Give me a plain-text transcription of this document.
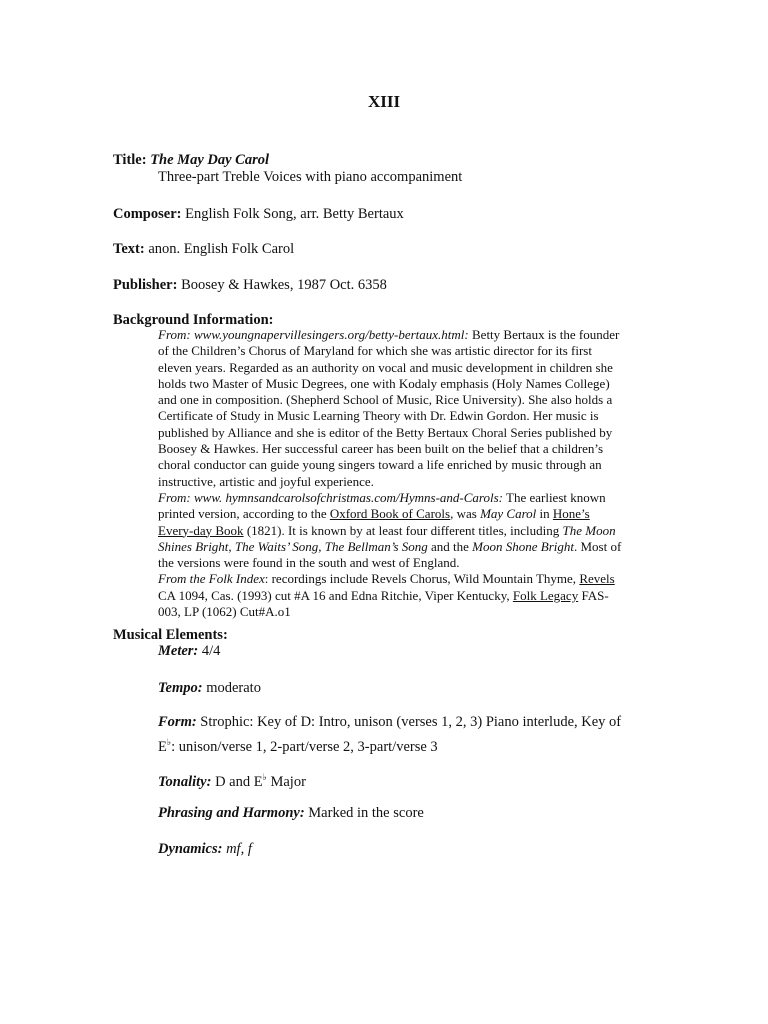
XIII
Title: The May Day Carol
Three-part Treble Voices with piano accompaniment
Composer: English Folk Song, arr. Betty Bertaux
Text: anon. English Folk Carol
Publisher: Boosey & Hawkes, 1987 Oct. 6358
Background Information:
From: www.youngnapervillesingers.org/betty-bertaux.html: Betty Bertaux is the founder
of the Children’s Chorus of Maryland for which she was artistic director for its first
eleven years. Regarded as an authority on vocal and music development in children she
holds two Master of Music Degrees, one with Kodaly emphasis (Holy Names College)
and one in composition. (Shepherd School of Music, Rice University). She also holds a
Certificate of Study in Music Learning Theory with Dr. Edwin Gordon. Her music is
published by Alliance and she is editor of the Betty Bertaux Choral Series published by
Boosey & Hawkes. Her successful career has been built on the belief that a children’s
choral conductor can guide young singers toward a life enriched by music through an
instructive, artistic and joyful experience.
From: www. hymnsandcarolsofchristmas.com/Hymns-and-Carols: The earliest known
printed version, according to the Oxford Book of Carols, was May Carol in Hone’s
Every-day Book (1821). It is known by at least four different titles, including The Moon
Shines Bright, The Waits’ Song, The Bellman’s Song and the Moon Shone Bright. Most of
the versions were found in the south and west of England.
From the Folk Index: recordings include Revels Chorus, Wild Mountain Thyme, Revels
CA 1094, Cas. (1993) cut #A 16 and Edna Ritchie, Viper Kentucky, Folk Legacy FAS-
003, LP (1062) Cut#A.o1
Musical Elements:
Meter: 4/4
Tempo: moderato
Form: Strophic: Key of D: Intro, unison (verses 1, 2, 3) Piano interlude, Key of
E♭: unison/verse 1, 2-part/verse 2, 3-part/verse 3
Tonality: D and E♭ Major
Phrasing and Harmony: Marked in the score
Dynamics: mf, f
